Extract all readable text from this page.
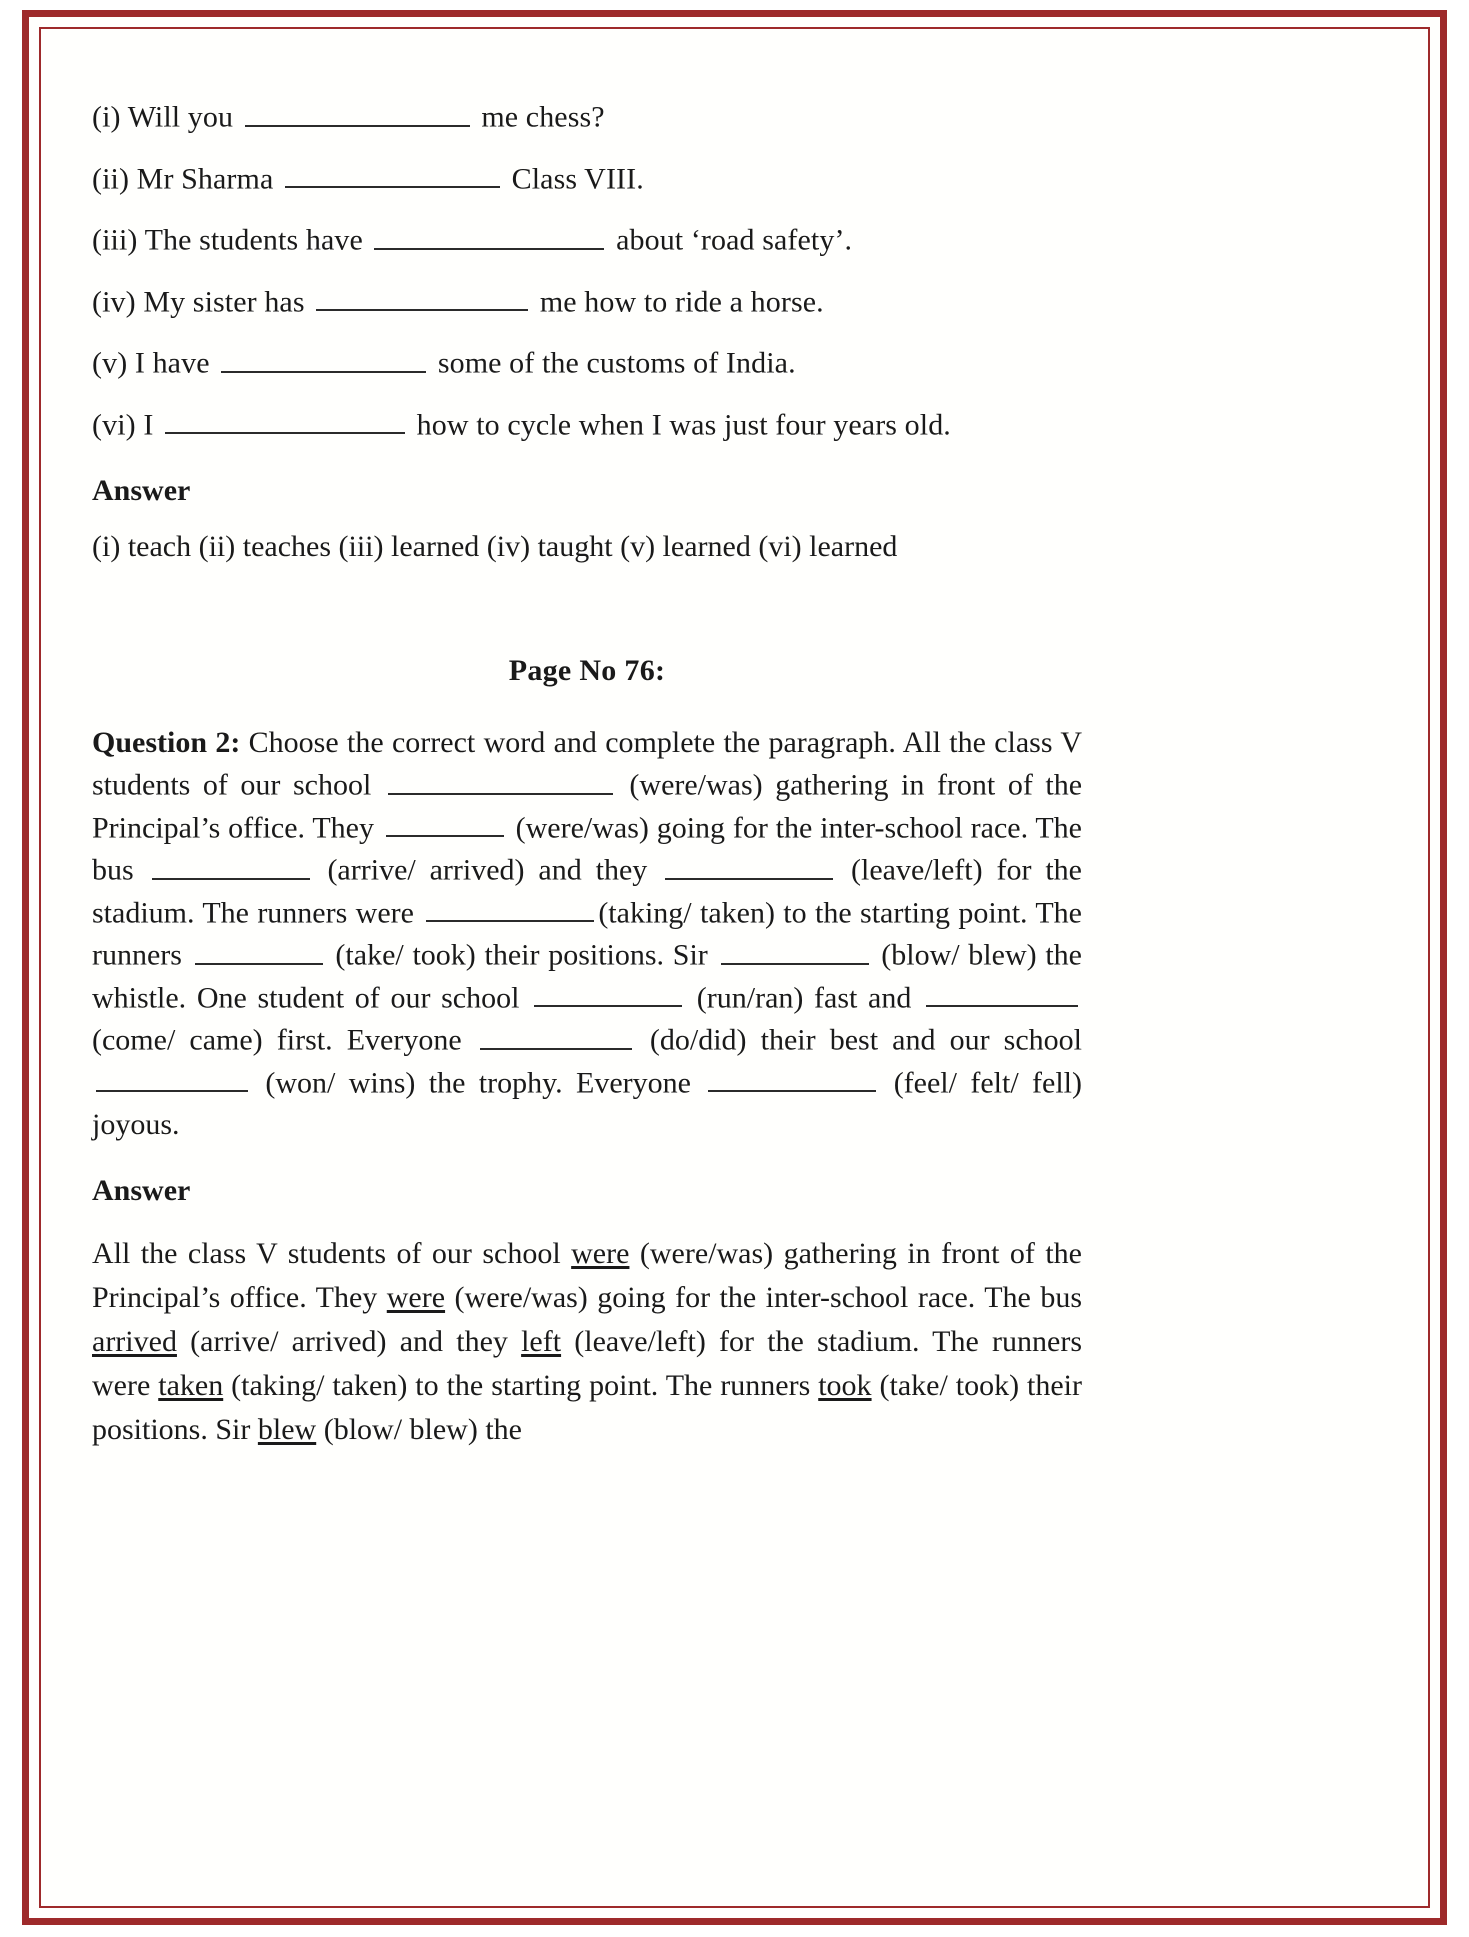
(i) Will you	me chess?
(ii) Mr Sharma	Class VIII.
(iii) The students have	about ‘road safety’.
(iv) My sister has	me how to ride a horse.
(v) I have	some of the customs of India.
(vi) I	how to cycle when I was just four years old.
Answer
(i) teach (ii) teaches (iii) learned (iv) taught (v) learned (vi) learned
Page No 76:

Question 2: Choose the correct word and complete the paragraph. All the class V students of our school	(were/was) gathering in front of the Principal’s office. They	(were/was) going for the inter-school race. The bus	(arrive/ arrived) and they	(leave/left) for the stadium. The runners were	(taking/ taken) to the starting point. The runners	(take/ took) their positions. Sir	(blow/ blew) the whistle. One student of our school	(run/ran) fast and  (come/ came) first. Everyone	(do/did) their best and our school  (won/ wins) the trophy. Everyone	(feel/ felt/ fell) joyous.

Answer

All the class V students of our school were (were/was) gathering in front of the Principal’s office. They were (were/was) going for the inter-school race. The bus arrived (arrive/ arrived) and they left (leave/left) for the stadium. The runners were taken (taking/ taken) to the starting point. The runners took (take/ took) their positions. Sir blew (blow/ blew) the
